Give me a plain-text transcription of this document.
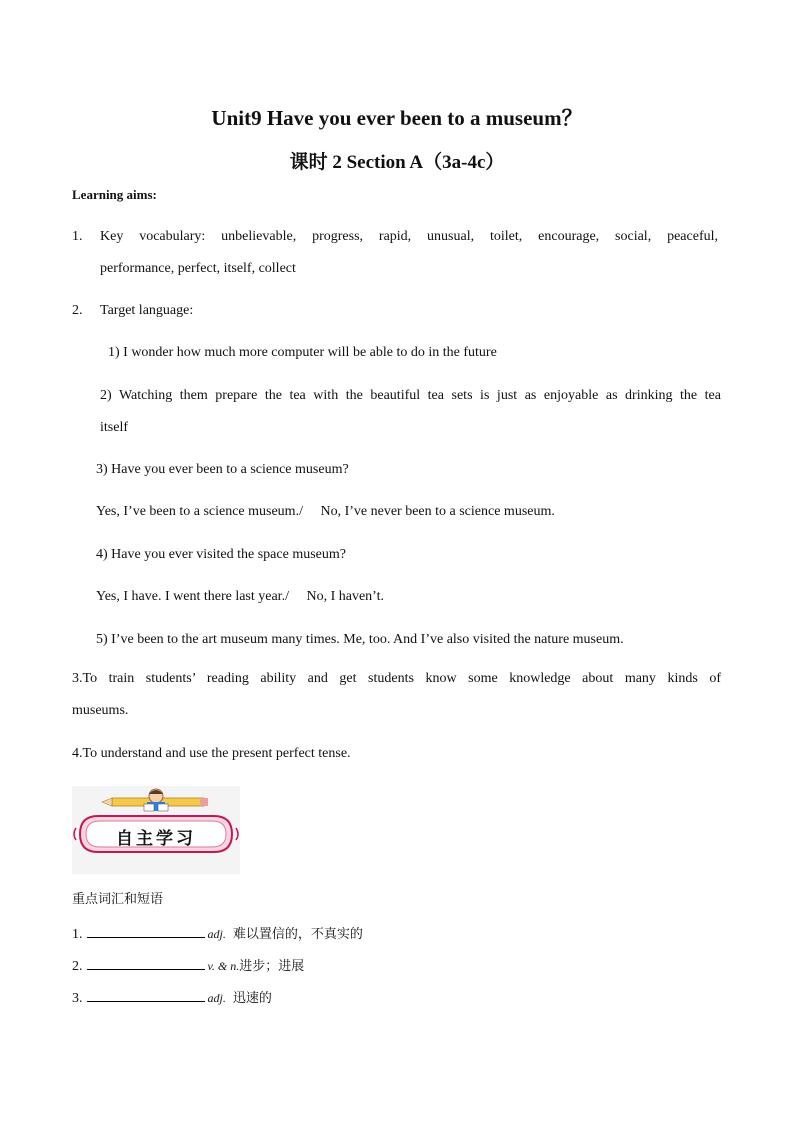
Unit9 Have you ever been to a museum？
课时 2 Section A（3a-4c）
Learning aims:
1. Key vocabulary: unbelievable, progress, rapid, unusual, toilet, encourage, social, peaceful,
performance, perfect, itself, collect
2. Target language:
1) I wonder how much more computer will be able to do in the future
2) Watching them prepare the tea with the beautiful tea sets is just as enjoyable as drinking the tea
itself
3) Have you ever been to a science museum?
Yes, I’ve been to a science museum./     No, I’ve never been to a science museum.
4) Have you ever visited the space museum?
Yes, I have. I went there last year./     No, I haven’t.
5) I’ve been to the art museum many times. Me, too. And I’ve also visited the nature museum.
3.To train students’ reading ability and get students know some knowledge about many kinds of
museums.
4.To understand and use the present perfect tense.
自主学习
重点词汇和短语
1.	adj. 难以置信的，不真实的
2.	v. & n.进步；进展
3.	adj. 迅速的
